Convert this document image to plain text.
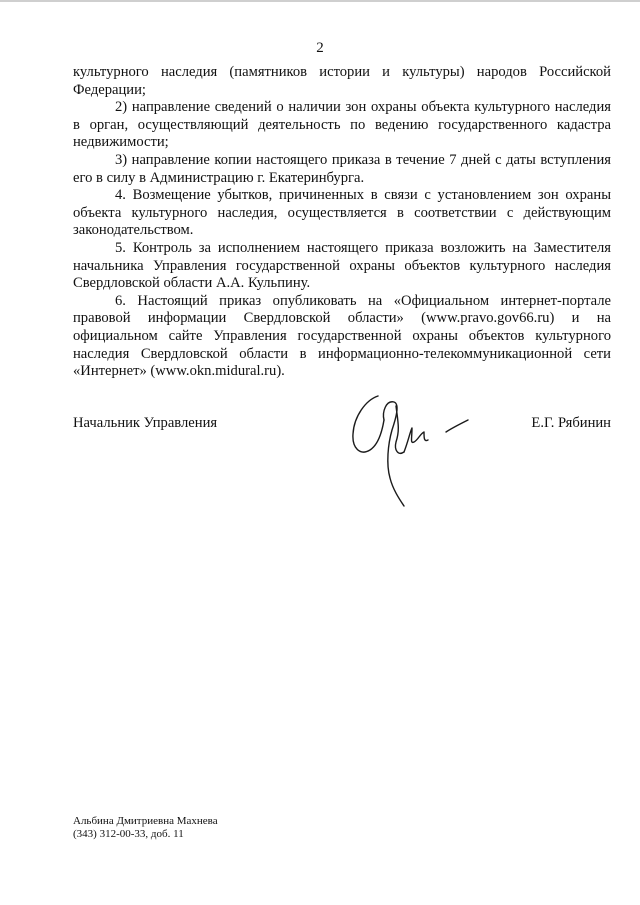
2

культурного наследия (памятников истории и культуры) народов Российской Федерации;

2) направление сведений о наличии зон охраны объекта культурного наследия в орган, осуществляющий деятельность по ведению государственного кадастра недвижимости;

3) направление копии настоящего приказа в течение 7 дней с даты вступления его в силу в Администрацию г. Екатеринбурга.

4. Возмещение убытков, причиненных в связи с установлением зон охраны объекта культурного наследия, осуществляется в соответствии с действующим законодательством.

5. Контроль за исполнением настоящего приказа возложить на Заместителя начальника Управления государственной охраны объектов культурного наследия Свердловской области А.А. Кульпину.

6. Настоящий приказ опубликовать на «Официальном интернет-портале правовой информации Свердловской области» (www.pravo.gov66.ru) и на официальном сайте Управления государственной охраны объектов культурного наследия Свердловской области в информационно-телекоммуникационной сети «Интернет» (www.okn.midural.ru).

Начальник Управления	Е.Г. Рябинин
Альбина Дмитриевна Махнева
(343) 312-00-33, доб. 11
